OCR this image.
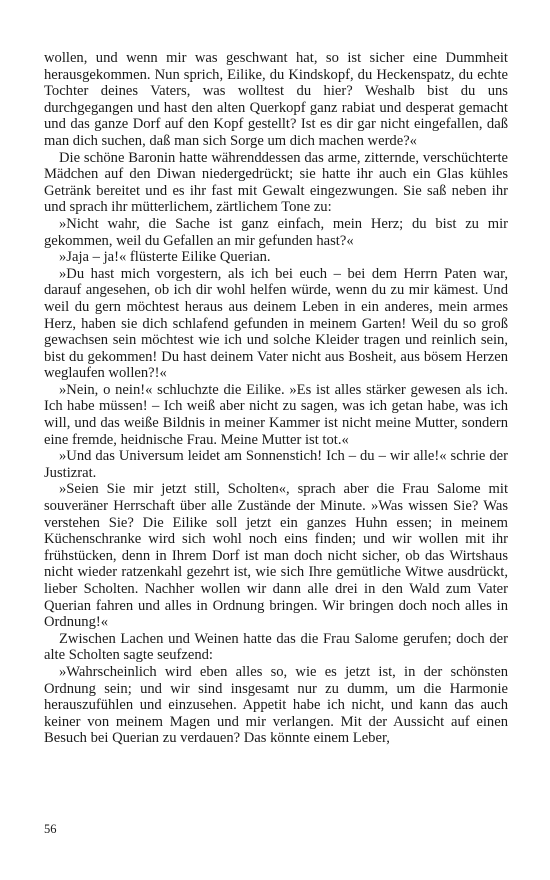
wollen, und wenn mir was geschwant hat, so ist sicher eine Dummheit herausgekommen. Nun sprich, Eilike, du Kindskopf, du Heckenspatz, du echte Tochter deines Vaters, was wolltest du hier? Weshalb bist du uns durchgegangen und hast den alten Querkopf ganz rabiat und desperat gemacht und das ganze Dorf auf den Kopf gestellt? Ist es dir gar nicht eingefallen, daß man dich suchen, daß man sich Sorge um dich machen werde?«

Die schöne Baronin hatte währenddessen das arme, zitternde, verschüchterte Mädchen auf den Diwan niedergedrückt; sie hatte ihr auch ein Glas kühles Getränk bereitet und es ihr fast mit Gewalt eingezwungen. Sie saß neben ihr und sprach ihr mütterlichem, zärtlichem Tone zu:

»Nicht wahr, die Sache ist ganz einfach, mein Herz; du bist zu mir gekommen, weil du Gefallen an mir gefunden hast?«

»Jaja – ja!« flüsterte Eilike Querian.

»Du hast mich vorgestern, als ich bei euch – bei dem Herrn Paten war, darauf angesehen, ob ich dir wohl helfen würde, wenn du zu mir kämest. Und weil du gern möchtest heraus aus deinem Leben in ein anderes, mein armes Herz, haben sie dich schlafend gefunden in meinem Garten! Weil du so groß gewachsen sein möchtest wie ich und solche Kleider tragen und reinlich sein, bist du gekommen! Du hast deinem Vater nicht aus Bosheit, aus bösem Herzen weglaufen wollen?!«

»Nein, o nein!« schluchzte die Eilike. »Es ist alles stärker gewesen als ich. Ich habe müssen! – Ich weiß aber nicht zu sagen, was ich getan habe, was ich will, und das weiße Bildnis in meiner Kammer ist nicht meine Mutter, sondern eine fremde, heidnische Frau. Meine Mutter ist tot.«

»Und das Universum leidet am Sonnenstich! Ich – du – wir alle!« schrie der Justizrat.

»Seien Sie mir jetzt still, Scholten«, sprach aber die Frau Salome mit souveräner Herrschaft über alle Zustände der Minute. »Was wissen Sie? Was verstehen Sie? Die Eilike soll jetzt ein ganzes Huhn essen; in meinem Küchenschranke wird sich wohl noch eins finden; und wir wollen mit ihr frühstücken, denn in Ihrem Dorf ist man doch nicht sicher, ob das Wirtshaus nicht wieder ratzenkahl gezehrt ist, wie sich Ihre gemütliche Witwe ausdrückt, lieber Scholten. Nachher wollen wir dann alle drei in den Wald zum Vater Querian fahren und alles in Ordnung bringen. Wir bringen doch noch alles in Ordnung!«

Zwischen Lachen und Weinen hatte das die Frau Salome gerufen; doch der alte Scholten sagte seufzend:

»Wahrscheinlich wird eben alles so, wie es jetzt ist, in der schönsten Ordnung sein; und wir sind insgesamt nur zu dumm, um die Harmonie herauszufühlen und einzusehen. Appetit habe ich nicht, und kann das auch keiner von meinem Magen und mir verlangen. Mit der Aussicht auf einen Besuch bei Querian zu verdauen? Das könnte einem Leber,

56
